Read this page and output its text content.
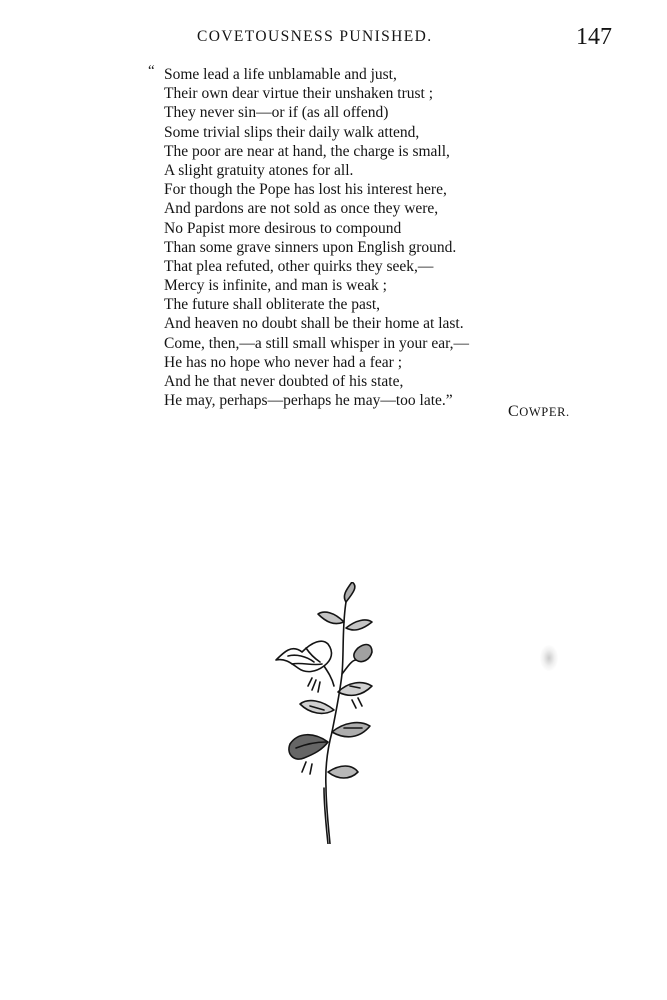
COVETOUSNESS PUNISHED.	147
“ Some lead a life unblamable and just,
Their own dear virtue their unshaken trust ;
They never sin—or if (as all offend)
Some trivial slips their daily walk attend,
The poor are near at hand, the charge is small,
A slight gratuity atones for all.
For though the Pope has lost his interest here,
And pardons are not sold as once they were,
No Papist more desirous to compound
Than some grave sinners upon English ground.
That plea refuted, other quirks they seek,—
Mercy is infinite, and man is weak ;
The future shall obliterate the past,
And heaven no doubt shall be their home at last.
Come, then,—a still small whisper in your ear,—
He has no hope who never had a fear ;
And he that never doubted of his state,
He may, perhaps—perhaps he may—too late.”
COWPER.
